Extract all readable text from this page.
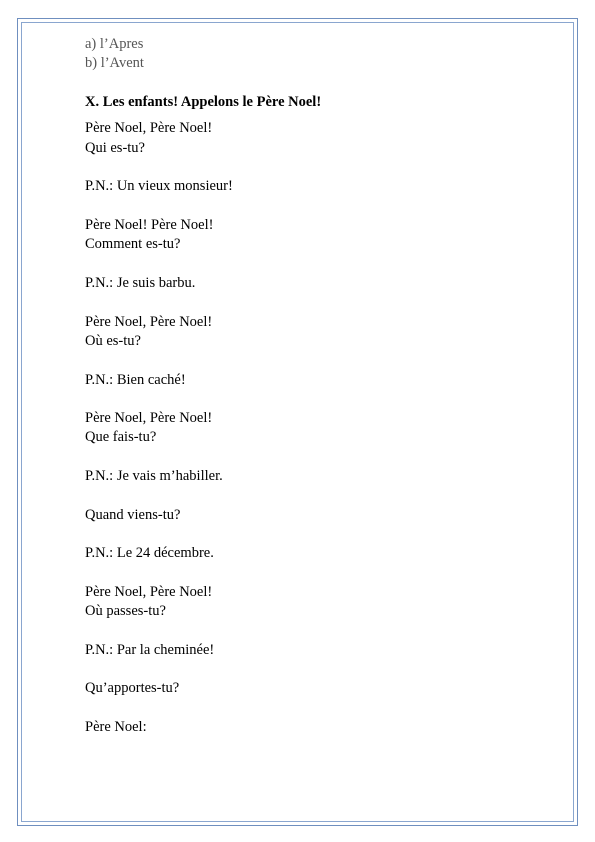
a) l’Apres
b) l’Avent
X. Les enfants! Appelons le Père Noel!
Père Noel, Père Noel!
Qui es-tu?
P.N.: Un vieux monsieur!
Père Noel! Père Noel!
Comment es-tu?
P.N.: Je suis barbu.
Père Noel, Père Noel!
Où es-tu?
P.N.: Bien caché!
Père Noel, Père Noel!
Que fais-tu?
P.N.: Je vais m’habiller.
Quand viens-tu?
P.N.: Le 24 décembre.
Père Noel, Père Noel!
Où passes-tu?
P.N.: Par la cheminée!
Qu’apportes-tu?
Père Noel:
